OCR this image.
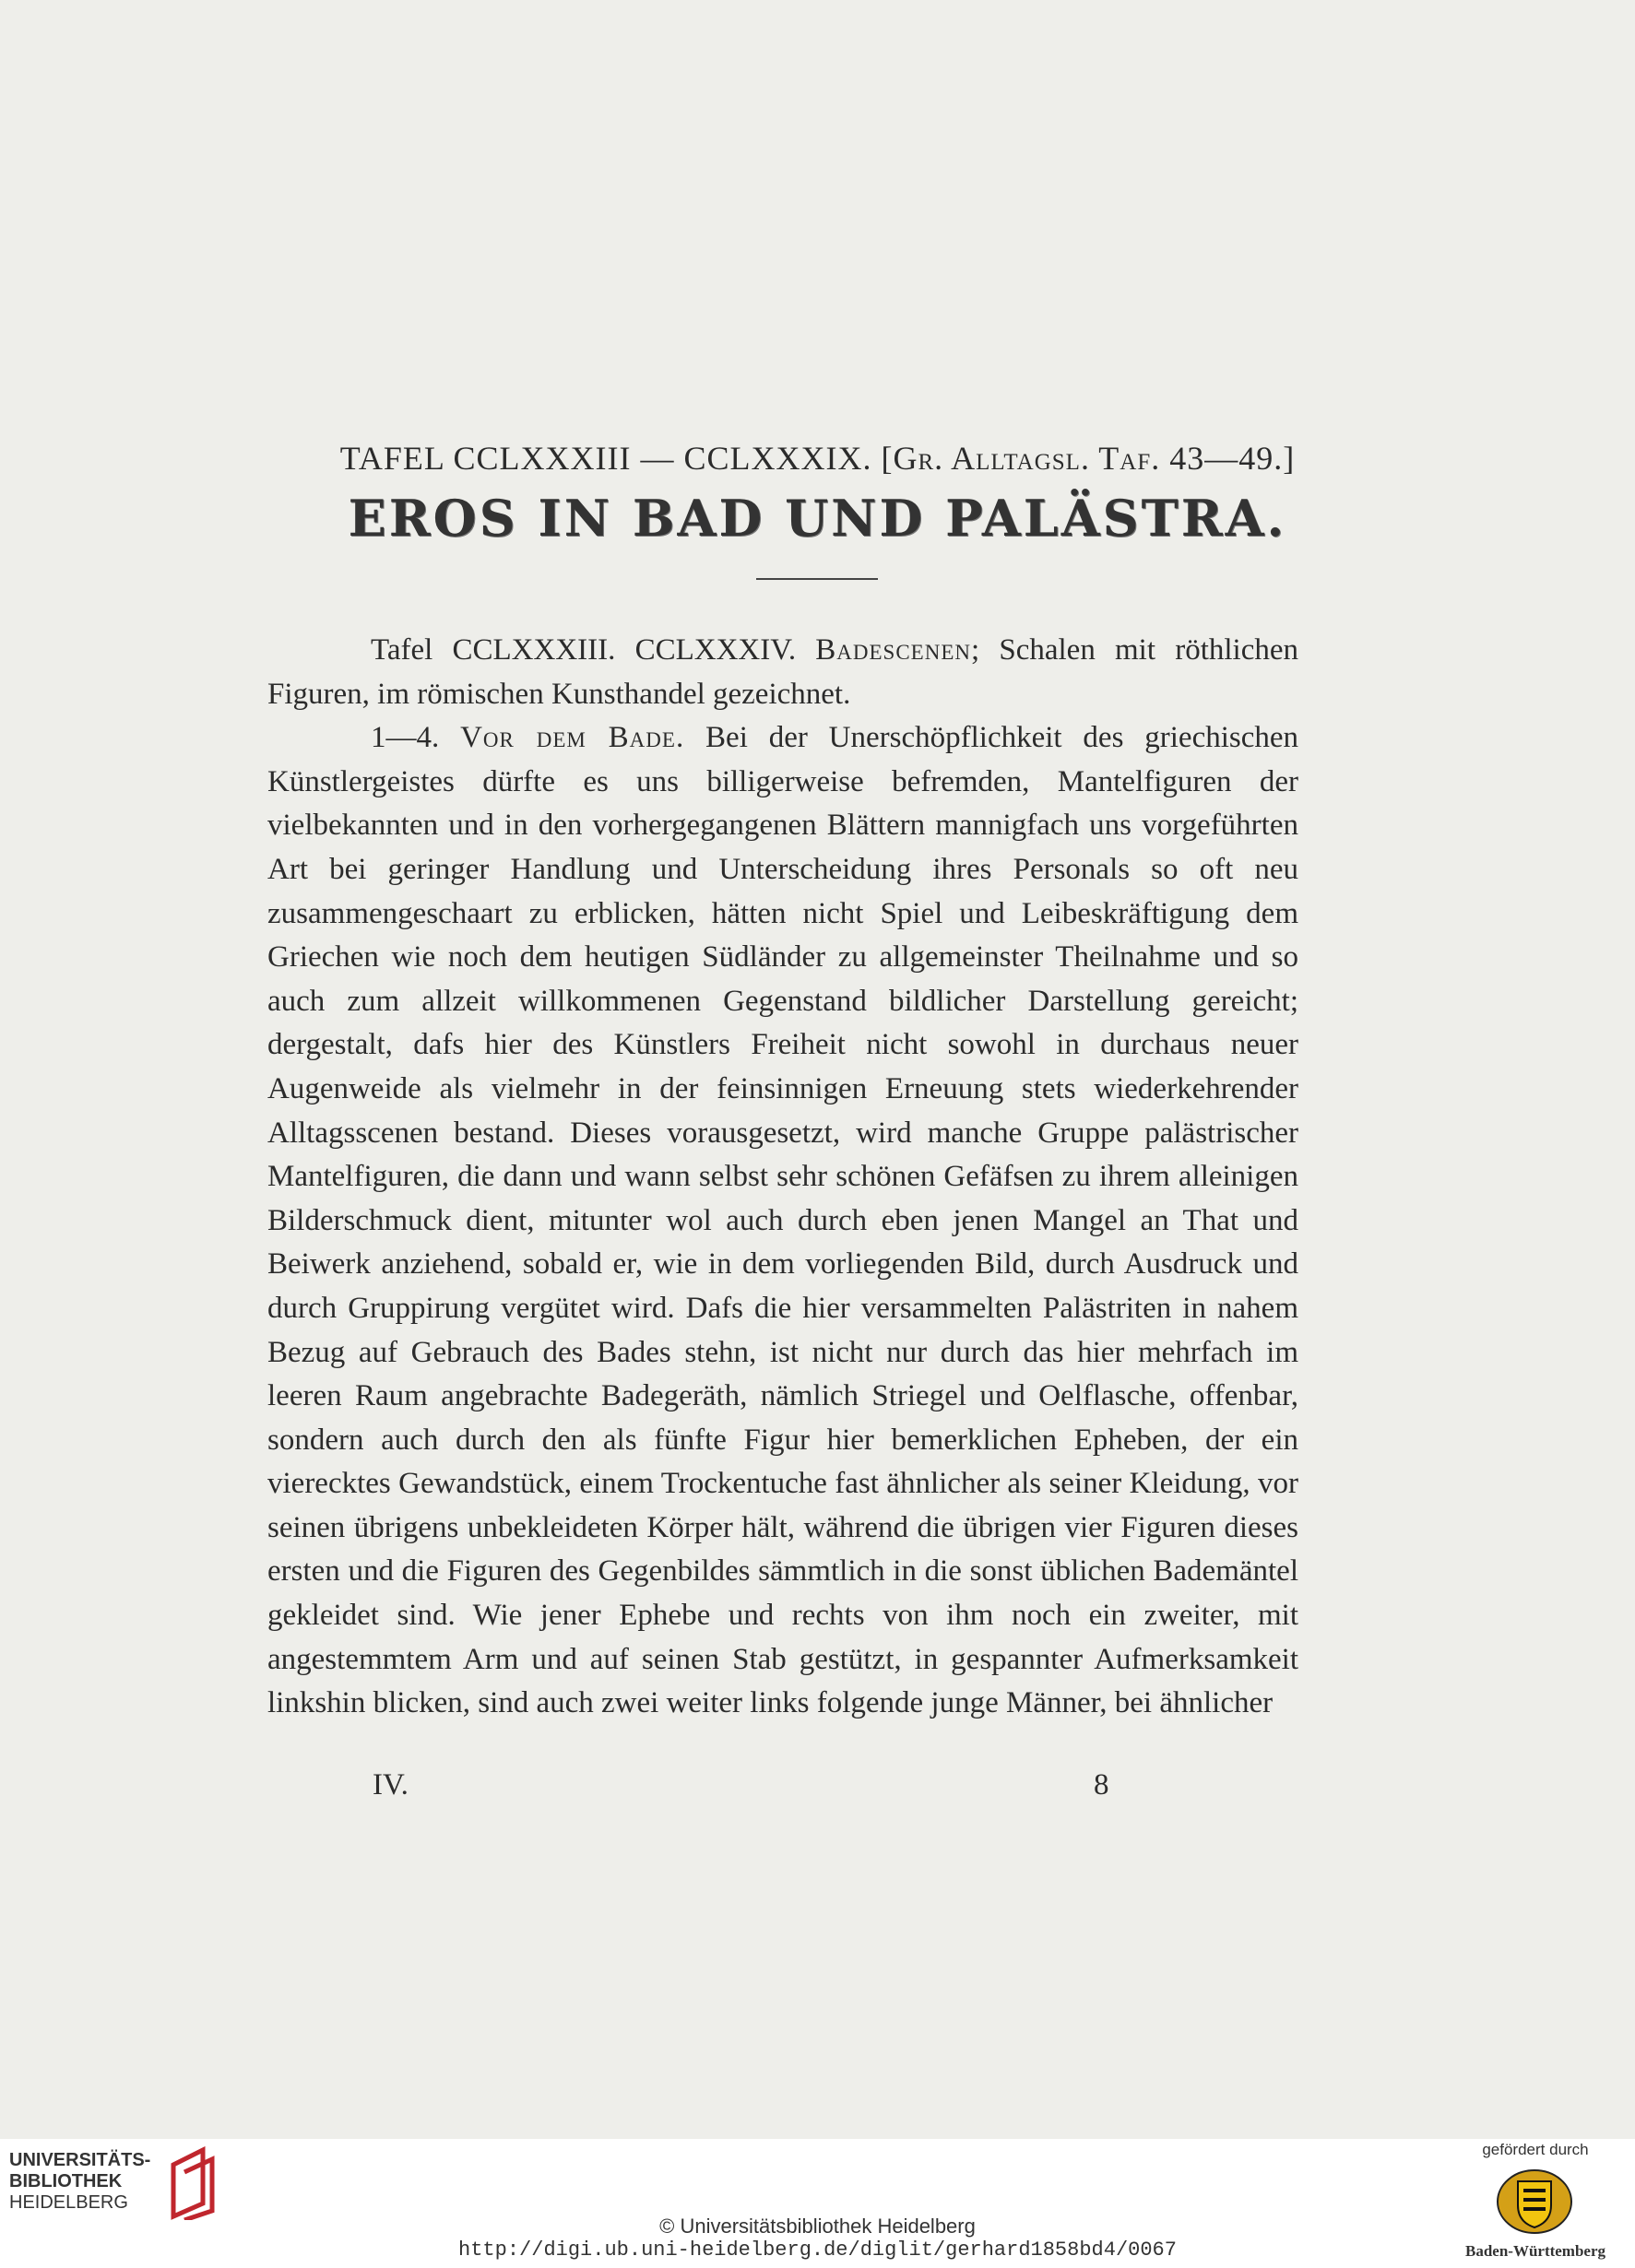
TAFEL CCLXXXIII — CCLXXXIX. [Gr. Alltagsl. Taf. 43—49.]
EROS IN BAD UND PALÄSTRA.

Tafel CCLXXXIII. CCLXXXIV. Badescenen; Schalen mit röthlichen Figuren, im römischen Kunsthandel gezeichnet.

1—4. Vor dem Bade. Bei der Unerschöpflichkeit des griechischen Künstlergeistes dürfte es uns billigerweise befremden, Mantelfiguren der vielbekannten und in den vorhergegangenen Blättern mannigfach uns vorgeführten Art bei geringer Handlung und Unterscheidung ihres Personals so oft neu zusammengeschaart zu erblicken, hätten nicht Spiel und Leibeskräftigung dem Griechen wie noch dem heutigen Südländer zu allgemeinster Theilnahme und so auch zum allzeit willkommenen Gegenstand bildlicher Darstellung gereicht; dergestalt, dafs hier des Künstlers Freiheit nicht sowohl in durchaus neuer Augenweide als vielmehr in der feinsinnigen Erneuung stets wiederkehrender Alltagsscenen bestand. Dieses vorausgesetzt, wird manche Gruppe palästrischer Mantelfiguren, die dann und wann selbst sehr schönen Gefäfsen zu ihrem alleinigen Bilderschmuck dient, mitunter wol auch durch eben jenen Mangel an That und Beiwerk anziehend, sobald er, wie in dem vorliegenden Bild, durch Ausdruck und durch Gruppirung vergütet wird. Dafs die hier versammelten Palästriten in nahem Bezug auf Gebrauch des Bades stehn, ist nicht nur durch das hier mehrfach im leeren Raum angebrachte Badegeräth, nämlich Striegel und Oelflasche, offenbar, sondern auch durch den als fünfte Figur hier bemerklichen Epheben, der ein vierecktes Gewandstück, einem Trockentuche fast ähnlicher als seiner Kleidung, vor seinen übrigens unbekleideten Körper hält, während die übrigen vier Figuren dieses ersten und die Figuren des Gegenbildes sämmtlich in die sonst üblichen Bademäntel gekleidet sind. Wie jener Ephebe und rechts von ihm noch ein zweiter, mit angestemmtem Arm und auf seinen Stab gestützt, in gespannter Aufmerksamkeit linkshin blicken, sind auch zwei weiter links folgende junge Männer, bei ähnlicher

IV.	8
UNIVERSITÄTS-
BIBLIOTHEK
HEIDELBERG
© Universitätsbibliothek Heidelberg
http://digi.ub.uni-heidelberg.de/diglit/gerhard1858bd4/0067
gefördert durch
Baden-Württemberg
